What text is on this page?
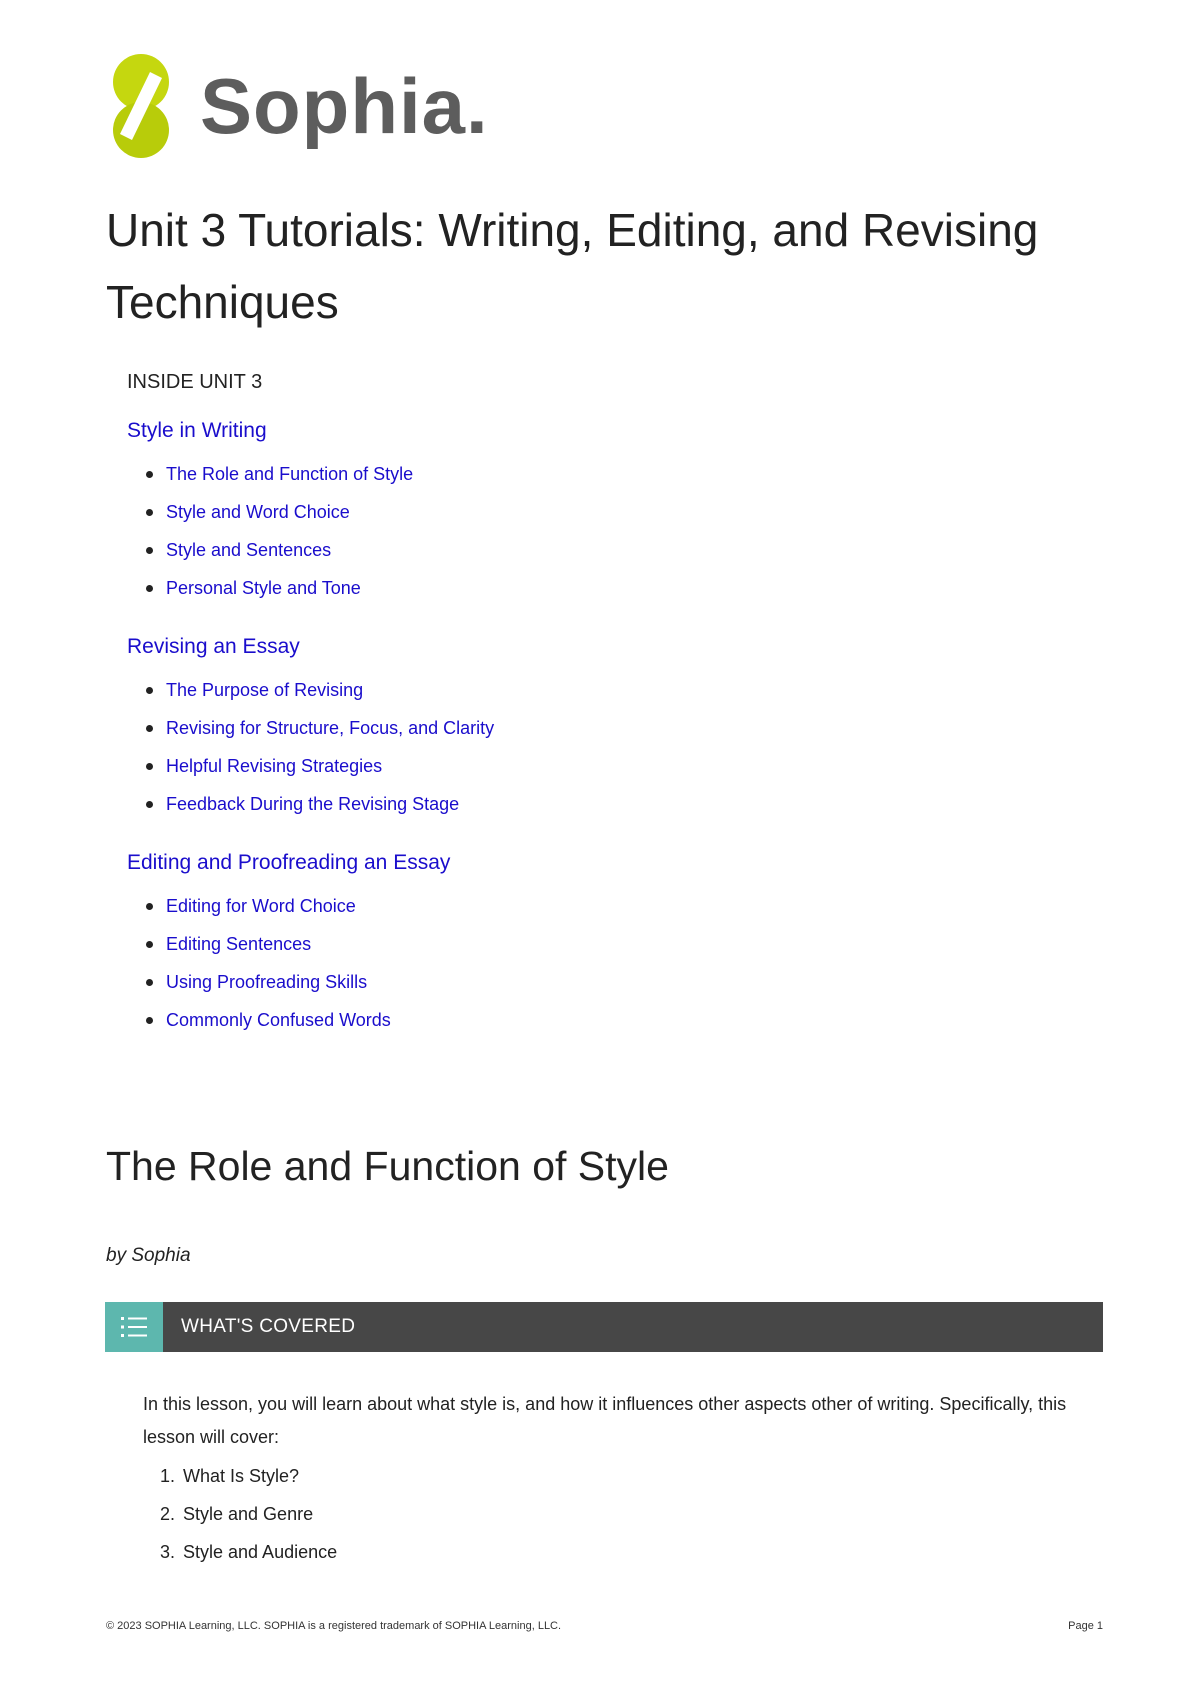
Sophia.
Unit 3 Tutorials: Writing, Editing, and Revising Techniques
INSIDE UNIT 3
Style in Writing
The Role and Function of Style
Style and Word Choice
Style and Sentences
Personal Style and Tone
Revising an Essay
The Purpose of Revising
Revising for Structure, Focus, and Clarity
Helpful Revising Strategies
Feedback During the Revising Stage
Editing and Proofreading an Essay
Editing for Word Choice
Editing Sentences
Using Proofreading Skills
Commonly Confused Words
The Role and Function of Style

by Sophia

WHAT'S COVERED

In this lesson, you will learn about what style is, and how it influences other aspects other of writing. Specifically, this lesson will cover:

1. What Is Style?
2. Style and Genre
3. Style and Audience
© 2023 SOPHIA Learning, LLC. SOPHIA is a registered trademark of SOPHIA Learning, LLC.	Page 1
